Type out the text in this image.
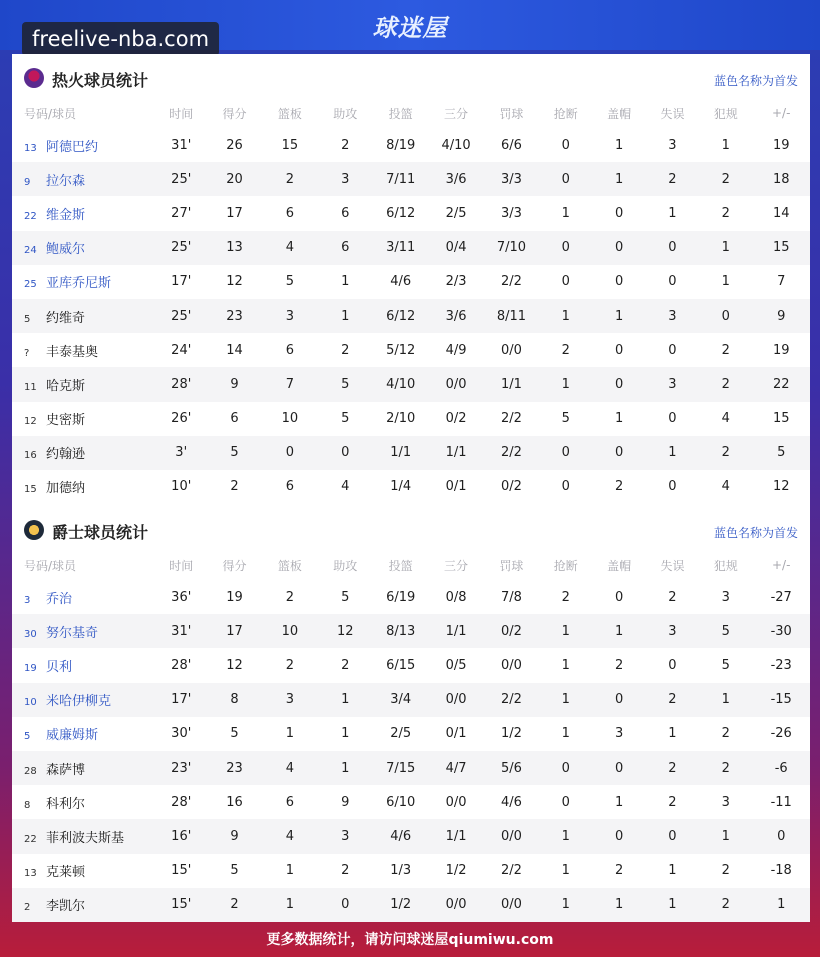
球迷屋
freelive-nba.com
热火球员统计	蓝色名称为首发
号码/球员	时间	得分	篮板	助攻	投篮	三分	罚球	抢断	盖帽	失误	犯规	+/-
13 阿德巴约	31'	26	15	2	8/19	4/10	6/6	0	1	3	1	19
9 拉尔森	25'	20	2	3	7/11	3/6	3/3	0	1	2	2	18
22 维金斯	27'	17	6	6	6/12	2/5	3/3	1	0	1	2	14
24 鲍威尔	25'	13	4	6	3/11	0/4	7/10	0	0	0	1	15
25 亚库乔尼斯	17'	12	5	1	4/6	2/3	2/2	0	0	0	1	7
5 约维奇	25'	23	3	1	6/12	3/6	8/11	1	1	3	0	9
? 丰泰基奥	24'	14	6	2	5/12	4/9	0/0	2	0	0	2	19
11 哈克斯	28'	9	7	5	4/10	0/0	1/1	1	0	3	2	22
12 史密斯	26'	6	10	5	2/10	0/2	2/2	5	1	0	4	15
16 约翰逊	3'	5	0	0	1/1	1/1	2/2	0	0	1	2	5
15 加德纳	10'	2	6	4	1/4	0/1	0/2	0	2	0	4	12
爵士球员统计	蓝色名称为首发
号码/球员	时间	得分	篮板	助攻	投篮	三分	罚球	抢断	盖帽	失误	犯规	+/-
3 乔治	36'	19	2	5	6/19	0/8	7/8	2	0	2	3	-27
30 努尔基奇	31'	17	10	12	8/13	1/1	0/2	1	1	3	5	-30
19 贝利	28'	12	2	2	6/15	0/5	0/0	1	2	0	5	-23
10 米哈伊柳克	17'	8	3	1	3/4	0/0	2/2	1	0	2	1	-15
5 威廉姆斯	30'	5	1	1	2/5	0/1	1/2	1	3	1	2	-26
28 森萨博	23'	23	4	1	7/15	4/7	5/6	0	0	2	2	-6
8 科利尔	28'	16	6	9	6/10	0/0	4/6	0	1	2	3	-11
22 菲利波夫斯基	16'	9	4	3	4/6	1/1	0/0	1	0	0	1	0
13 克莱顿	15'	5	1	2	1/3	1/2	2/2	1	2	1	2	-18
2 李凯尔	15'	2	1	0	1/2	0/0	0/0	1	1	1	2	1
更多数据统计，请访问球迷屋qiumiwu.com
